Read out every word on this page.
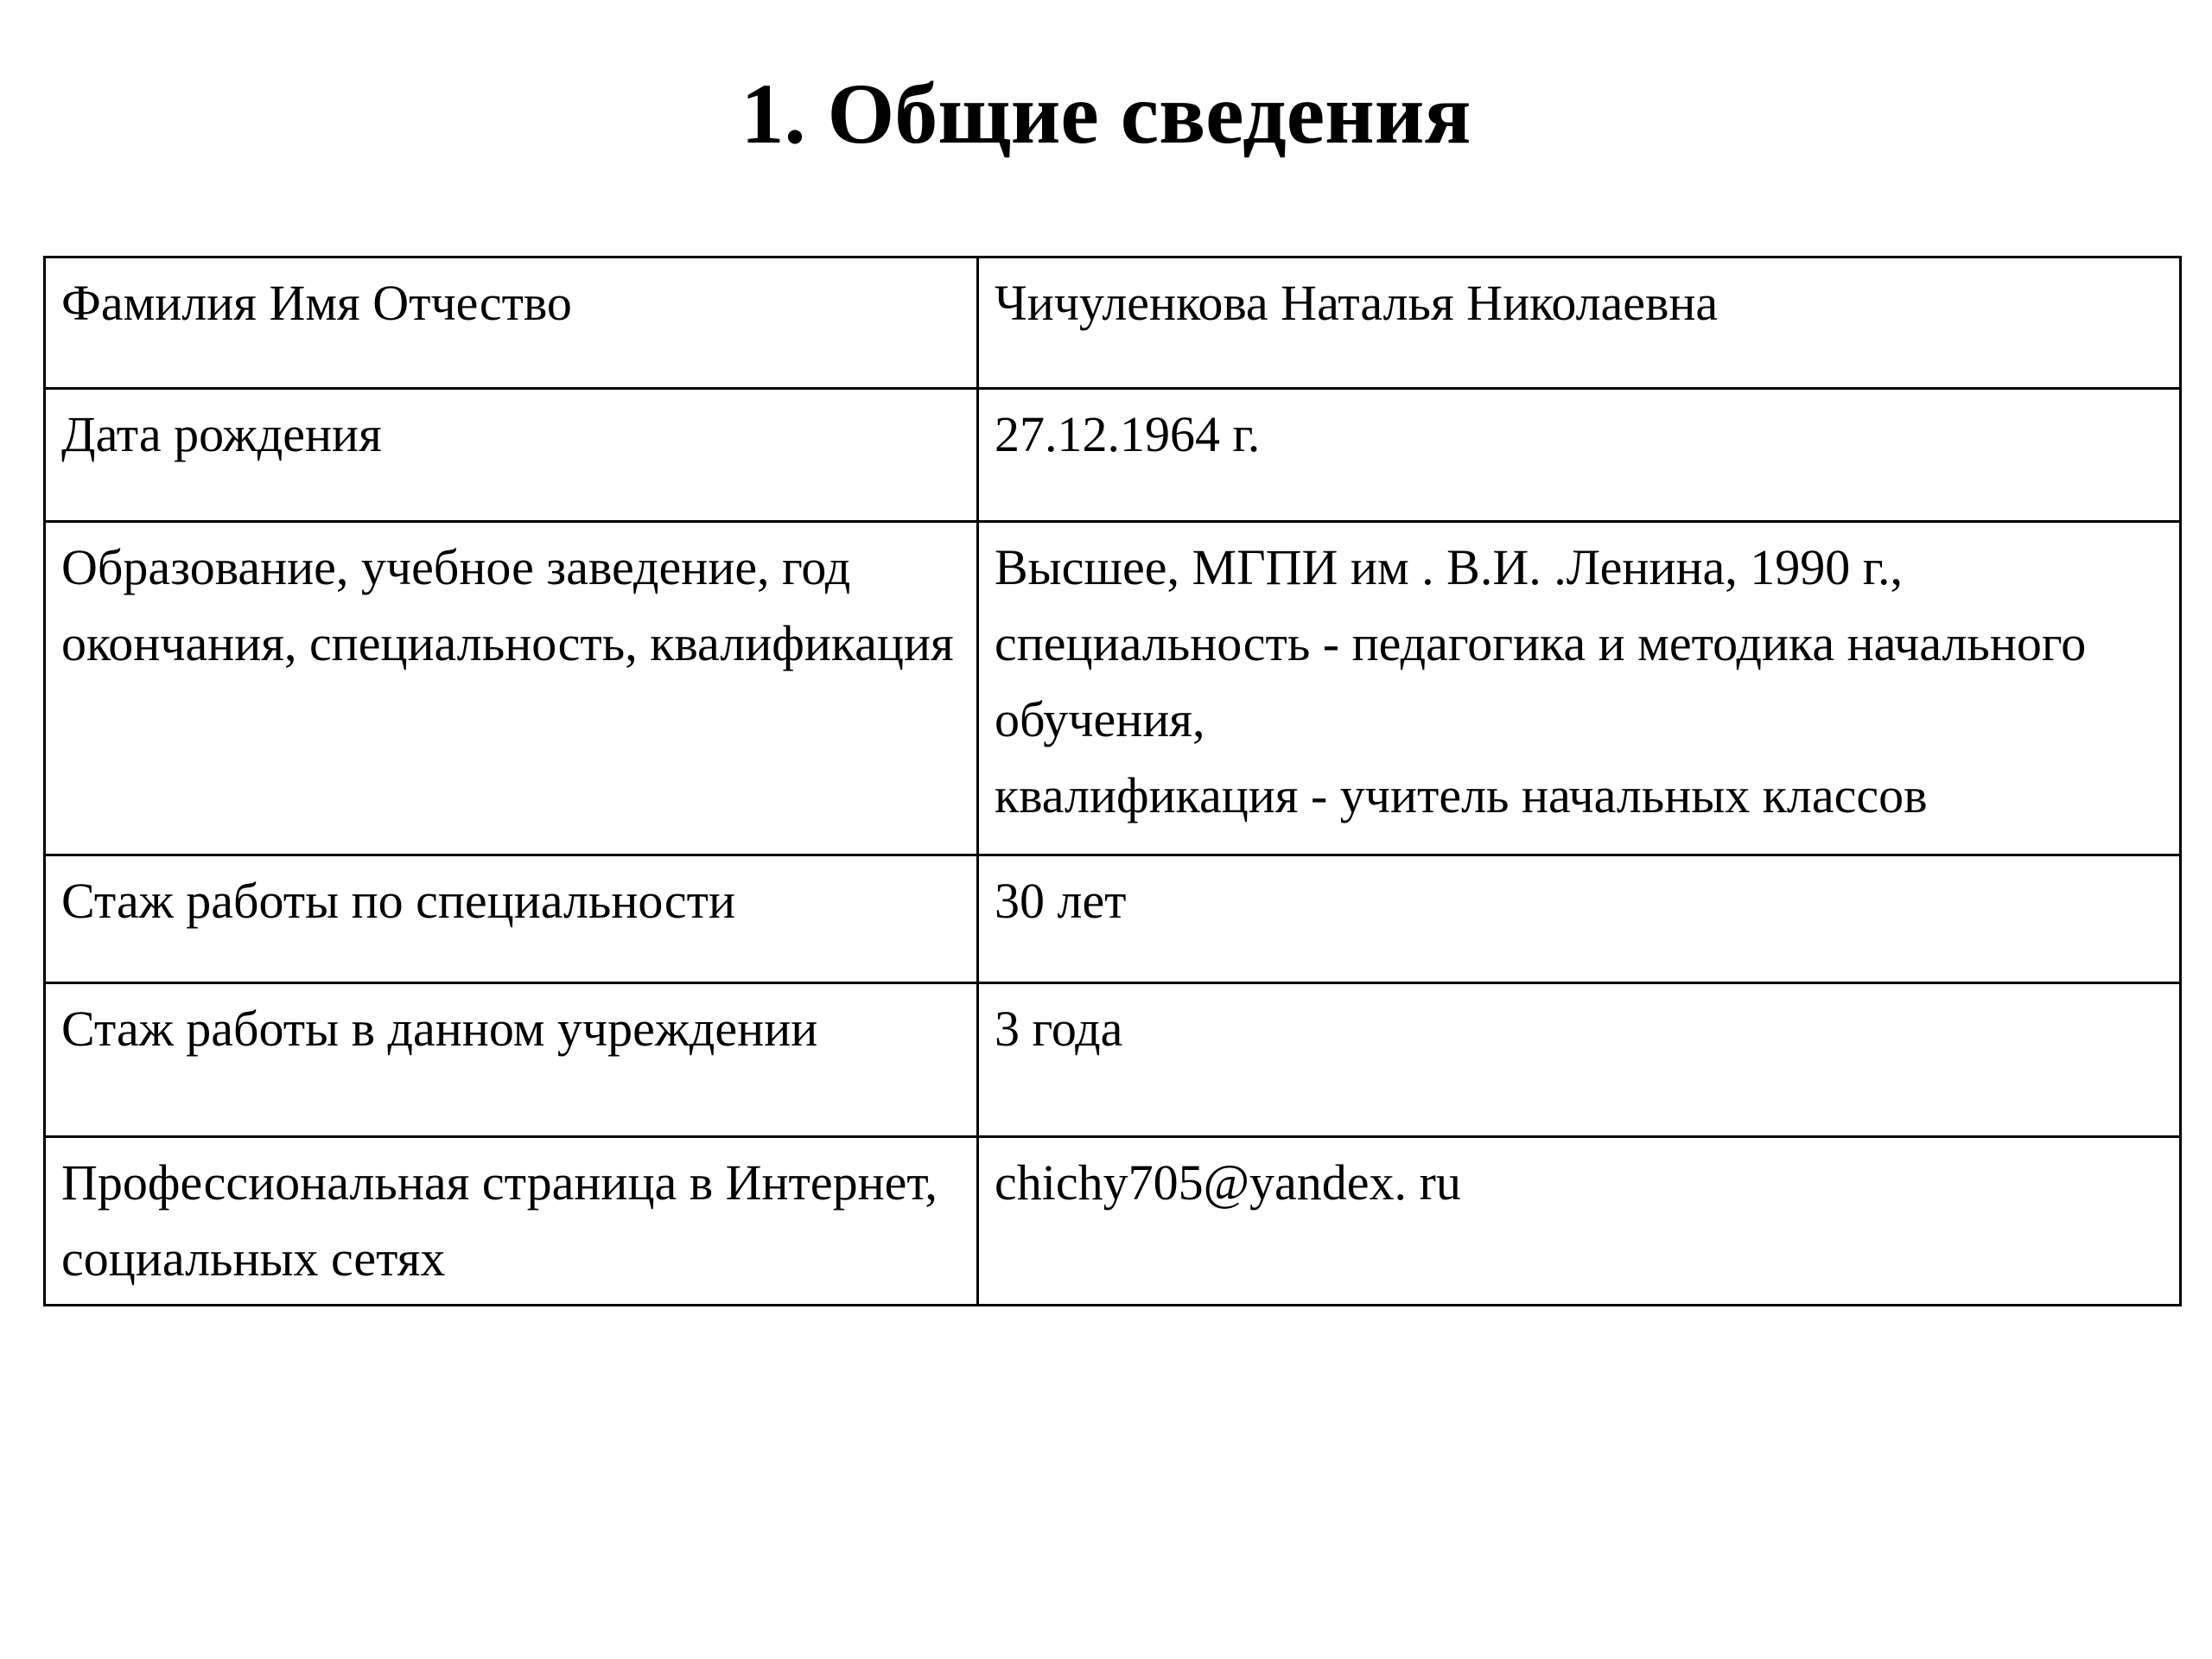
1. Общие сведения
Фамилия Имя Отчество	Чичуленкова Наталья Николаевна
Дата рождения	27.12.1964 г.
Образование, учебное заведение, год окончания, специальность, квалификация	Высшее, МГПИ им . В.И. .Ленина, 1990 г.,
специальность - педагогика и методика начального обучения,
квалификация - учитель начальных классов
Стаж работы по специальности	30 лет
Стаж работы в данном учреждении	3 года
Профессиональная страница в Интернет, социальных сетях	chichy705@yandex. ru
